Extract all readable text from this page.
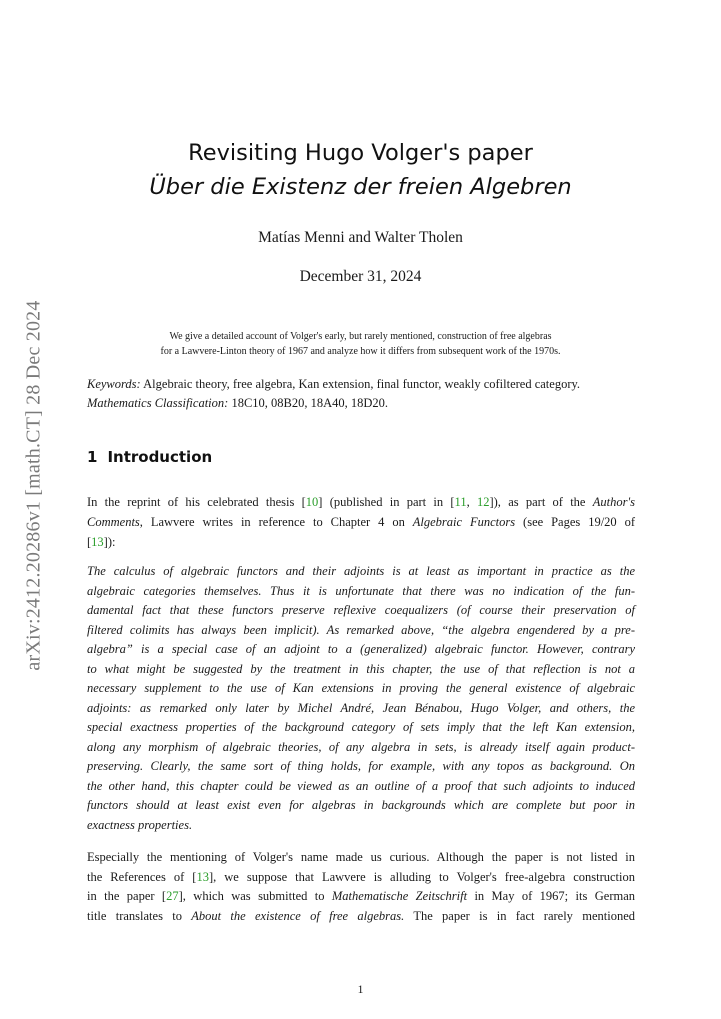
arXiv:2412.20286v1 [math.CT] 28 Dec 2024
Revisiting Hugo Volger's paper
Über die Existenz der freien Algebren
Matías Menni and Walter Tholen
December 31, 2024
We give a detailed account of Volger's early, but rarely mentioned, construction of free algebras
for a Lawvere-Linton theory of 1967 and analyze how it differs from subsequent work of the 1970s.
Keywords: Algebraic theory, free algebra, Kan extension, final functor, weakly cofiltered category.
Mathematics Classification: 18C10, 08B20, 18A40, 18D20.
1 Introduction
In the reprint of his celebrated thesis [10] (published in part in [11, 12]), as part of the Author's
Comments, Lawvere writes in reference to Chapter 4 on Algebraic Functors (see Pages 19/20 of
[13]):
The calculus of algebraic functors and their adjoints is at least as important in practice as the
algebraic categories themselves. Thus it is unfortunate that there was no indication of the fun-
damental fact that these functors preserve reflexive coequalizers (of course their preservation of
filtered colimits has always been implicit). As remarked above, “the algebra engendered by a pre-
algebra” is a special case of an adjoint to a (generalized) algebraic functor. However, contrary
to what might be suggested by the treatment in this chapter, the use of that reflection is not a
necessary supplement to the use of Kan extensions in proving the general existence of algebraic
adjoints: as remarked only later by Michel André, Jean Bénabou, Hugo Volger, and others, the
special exactness properties of the background category of sets imply that the left Kan extension,
along any morphism of algebraic theories, of any algebra in sets, is already itself again product-
preserving. Clearly, the same sort of thing holds, for example, with any topos as background. On
the other hand, this chapter could be viewed as an outline of a proof that such adjoints to induced
functors should at least exist even for algebras in backgrounds which are complete but poor in
exactness properties.
Especially the mentioning of Volger's name made us curious. Although the paper is not listed in
the References of [13], we suppose that Lawvere is alluding to Volger's free-algebra construction
in the paper [27], which was submitted to Mathematische Zeitschrift in May of 1967; its German
title translates to About the existence of free algebras. The paper is in fact rarely mentioned
1
